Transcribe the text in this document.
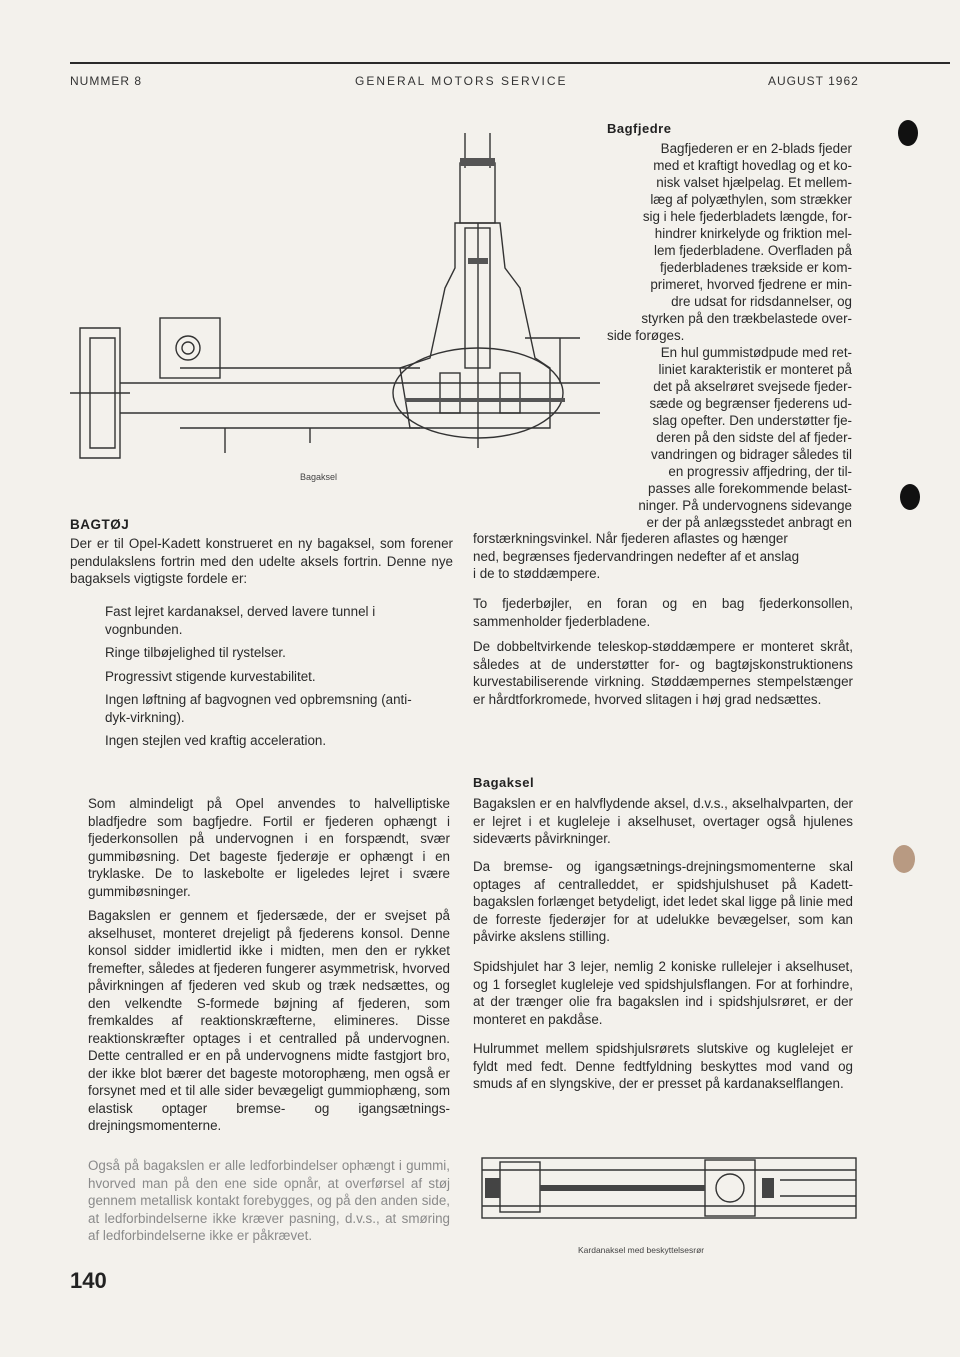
NUMMER 8	GENERAL MOTORS SERVICE	AUGUST 1962
Bagaksel
Bagfjedre
Bagfjederen er en 2-blads fjeder
med et kraftigt hovedlag og et ko-
nisk valset hjælpelag. Et mellem-
læg af polyæthylen, som strækker
sig i hele fjederbladets længde, for-
hindrer knirkelyde og friktion mel-
lem fjederbladene. Overfladen på
fjederbladenes trækside er kom-
primeret, hvorved fjedrene er min-
dre udsat for ridsdannelser, og
styrken på den trækbelastede over-
side forøges.
En hul gummistødpude med ret-
liniet karakteristik er monteret på
det på akselrøret svejsede fjeder-
sæde og begrænser fjederens ud-
slag opefter. Den understøtter fje-
deren på den sidste del af fjeder-
vandringen og bidrager således til
en progressiv affjedring, der til-
passes alle forekommende belast-
ninger. På undervognens sidevange
er der på anlægsstedet anbragt en
forstærkningsvinkel. Når fjederen aflastes og hænger
ned, begrænses fjedervandringen nedefter af et anslag
i de to støddæmpere.
To fjederbøjler, en foran og en bag fjederkonsollen, sammenholder fjederbladene.
De dobbeltvirkende teleskop-støddæmpere er monteret skråt, således at de understøtter for- og bagtøjskonstruktionens kurvestabiliserende virkning. Støddæmpernes stempelstænger er hårdtforkromede, hvorved slitagen i høj grad nedsættes.
BAGTØJ
Der er til Opel-Kadett konstrueret en ny bagaksel, som forener pendulakslens fortrin med den udelte aksels fortrin. Denne nye bagaksels vigtigste fordele er:
Fast lejret kardanaksel, derved lavere tunnel i vognbunden.
Ringe tilbøjelighed til rystelser.
Progressivt stigende kurvestabilitet.
Ingen løftning af bagvognen ved opbremsning (anti-dyk-virkning).
Ingen stejlen ved kraftig acceleration.
Som almindeligt på Opel anvendes to halvelliptiske bladfjedre som bagfjedre. Fortil er fjederen ophængt i fjederkonsollen på undervognen i en forspændt, svær gummibøsning. Det bageste fjederøje er ophængt i en tryklaske. De to laskebolte er ligeledes lejret i svære gummibøsninger.
Bagakslen er gennem et fjedersæde, der er svejset på akselhuset, monteret drejeligt på fjederens konsol. Denne konsol sidder imidlertid ikke i midten, men den er rykket fremefter, således at fjederen fungerer asymmetrisk, hvorved påvirkningen af fjederen ved skub og træk nedsættes, og den velkendte S-formede bøjning af fjederen, som fremkaldes af reaktionskræfterne, elimineres. Disse reaktionskræfter optages i et centralled på undervognen. Dette centralled er en på undervognens midte fastgjort bro, der ikke blot bærer det bageste motorophæng, men også er forsynet med et til alle sider bevægeligt gummiophæng, som elastisk optager bremse- og igangsætnings-drejningsmomenterne.
Også på bagakslen er alle ledforbindelser ophængt i gummi, hvorved man på den ene side opnår, at overførsel af støj gennem metallisk kontakt forebygges, og på den anden side, at ledforbindelserne ikke kræver pasning, d.v.s., at smøring af ledforbindelserne ikke er påkrævet.
Bagaksel
Bagakslen er en halvflydende aksel, d.v.s., akselhalvparten, der er lejret i et kugleleje i akselhuset, overtager også hjulenes sideværts påvirkninger.
Da bremse- og igangsætnings-drejningsmomenterne skal optages af centralleddet, er spidshjulshuset på Kadett-bagakslen forlænget betydeligt, idet ledet skal ligge på linie med de forreste fjederøjer for at udelukke bevægelser, som kan påvirke akslens stilling.
Spidshjulet har 3 lejer, nemlig 2 koniske rullelejer i akselhuset, og 1 forseglet kugleleje ved spidshjulsflangen. For at forhindre, at der trænger olie fra bagakslen ind i spidshjulsrøret, er der monteret en pakdåse.
Hulrummet mellem spidshjulsrørets slutskive og kuglelejet er fyldt med fedt. Denne fedtfyldning beskyttes mod vand og smuds af en slyngskive, der er presset på kardanakselflangen.
Kardanaksel med beskyttelsesrør
140
